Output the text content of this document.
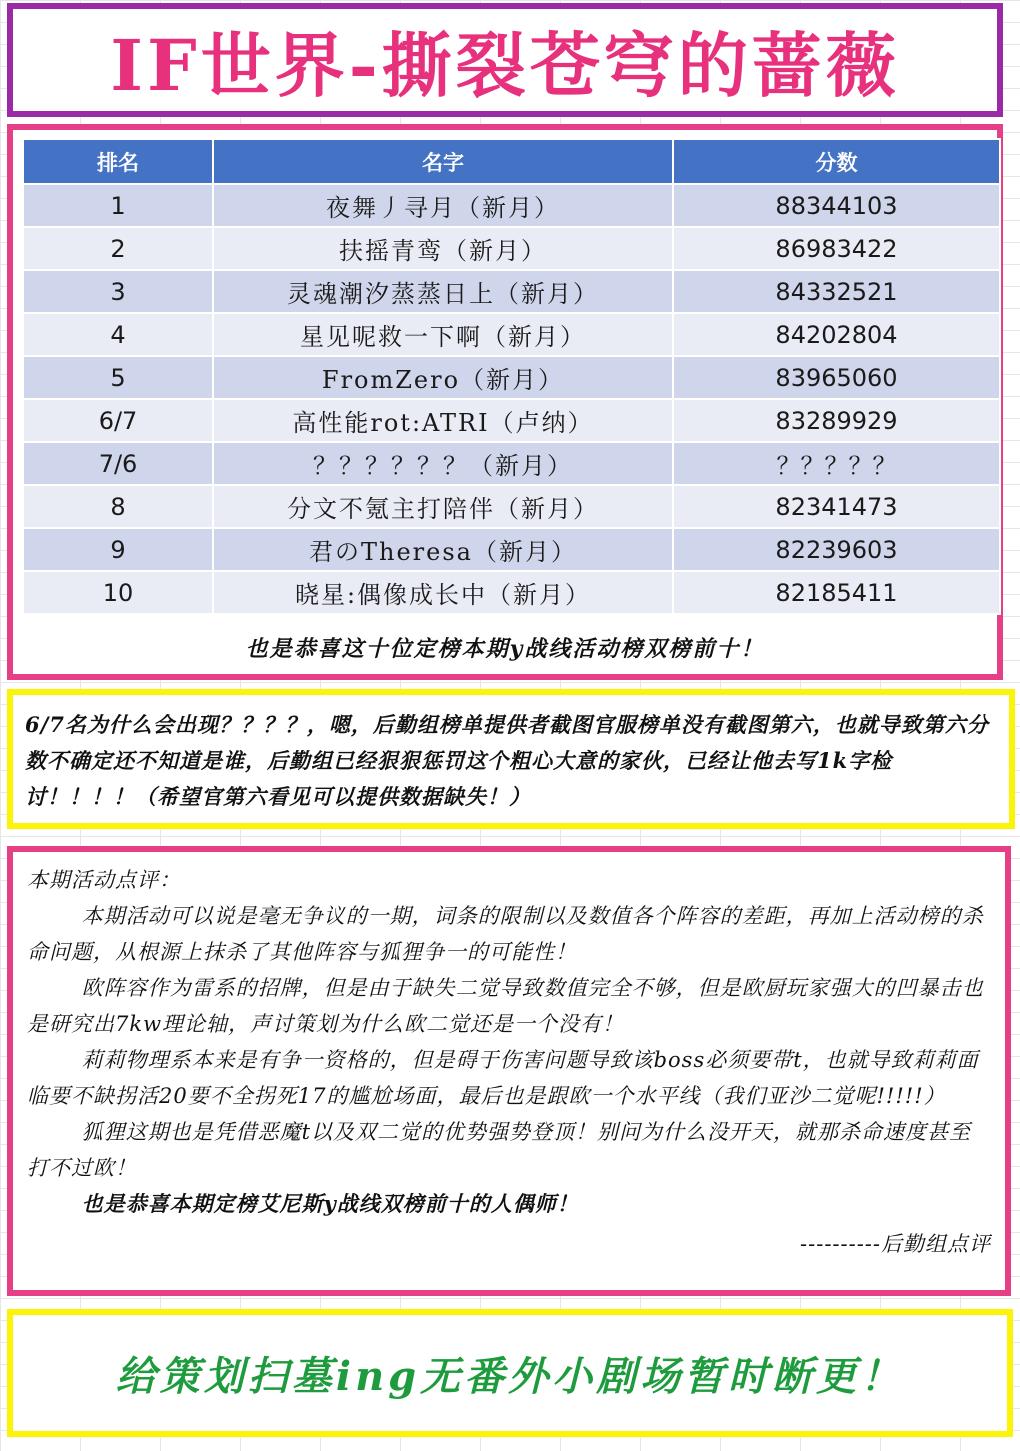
IF世界-撕裂苍穹的蔷薇
排名	名字	分数
1	夜舞丿寻月（新月）	88344103
2	扶摇青鸾（新月）	86983422
3	灵魂潮汐蒸蒸日上（新月）	84332521
4	星见呢救一下啊（新月）	84202804
5	FromZero（新月）	83965060
6/7	高性能rot:ATRI（卢纳）	83289929
7/6	？？？？？？（新月）	？？？？？
8	分文不氪主打陪伴（新月）	82341473
9	君のTheresa（新月）	82239603
10	晓星:偶像成长中（新月）	82185411
也是恭喜这十位定榜本期y战线活动榜双榜前十！
6/7名为什么会出现？？？？，嗯，后勤组榜单提供者截图官服榜单没有截图第六，也就导致第六分数不确定还不知道是谁，后勤组已经狠狠惩罚这个粗心大意的家伙，已经让他去写1k字检讨！！！！（希望官第六看见可以提供数据缺失！）

本期活动点评：

本期活动可以说是毫无争议的一期，词条的限制以及数值各个阵容的差距，再加上活动榜的杀命问题，从根源上抹杀了其他阵容与狐狸争一的可能性！

欧阵容作为雷系的招牌，但是由于缺失二觉导致数值完全不够，但是欧厨玩家强大的凹暴击也是研究出7kw理论轴，声讨策划为什么欧二觉还是一个没有！

莉莉物理系本来是有争一资格的，但是碍于伤害问题导致该boss必须要带t，也就导致莉莉面临要不缺拐活20要不全拐死17的尴尬场面，最后也是跟欧一个水平线（我们亚沙二觉呢!!!!!）

狐狸这期也是凭借恶魔t以及双二觉的优势强势登顶！别问为什么没开天，就那杀命速度甚至打不过欧！

也是恭喜本期定榜艾尼斯y战线双榜前十的人偶师！

----------后勤组点评

给策划扫墓ing无番外小剧场暂时断更！
